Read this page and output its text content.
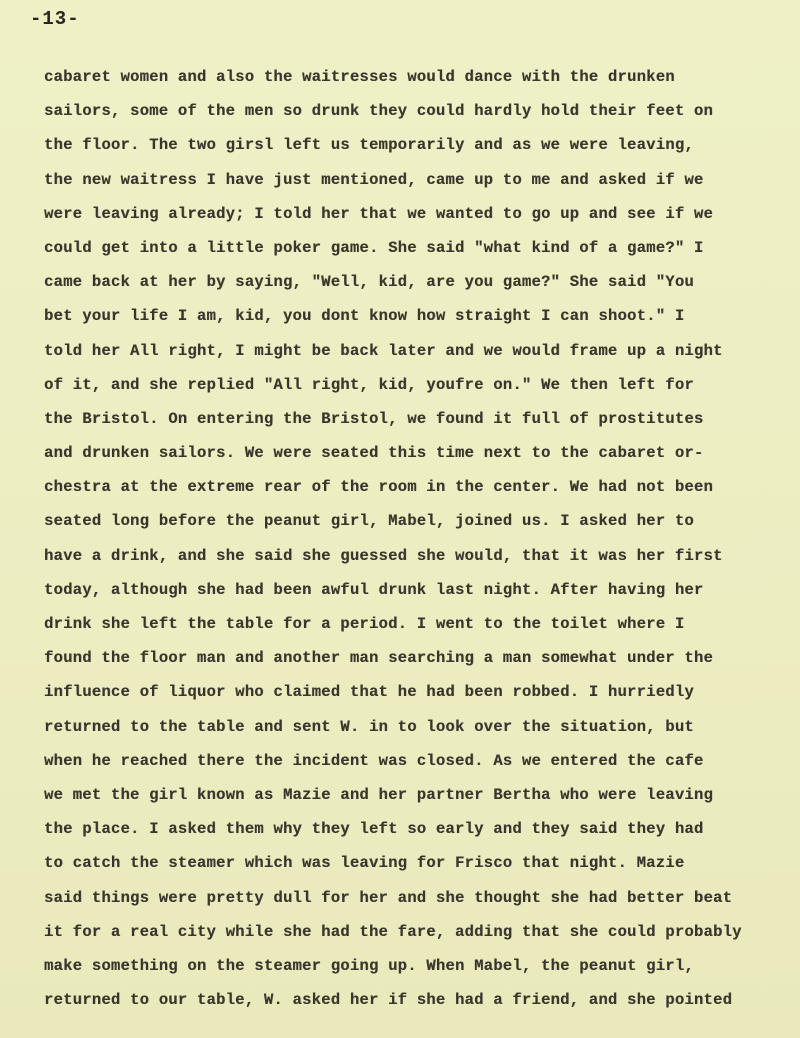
-13-
cabaret women and also the waitresses would dance with the drunken
sailors, some of the men so drunk they could hardly hold their feet on
the floor. The two girsl left us temporarily and as we were leaving,
the new waitress I have just mentioned, came up to me and asked if we
were leaving already; I told her that we wanted to go up and see if we
could get into a little poker game. She said "what kind of a game?" I
came back at her by saying, "Well, kid, are you game?" She said "You
bet your life I am, kid, you dont know how straight I can shoot." I
told her All right, I might be back later and we would frame up a night
of it, and she replied "All right, kid, youfre on." We then left for
the Bristol. On entering the Bristol, we found it full of prostitutes
and drunken sailors. We were seated this time next to the cabaret or-
chestra at the extreme rear of the room in the center. We had not been
seated long before the peanut girl, Mabel, joined us. I asked her to
have a drink, and she said she guessed she would, that it was her first
today, although she had been awful drunk last night. After having her
drink she left the table for a period. I went to the toilet where I
found the floor man and another man searching a man somewhat under the
influence of liquor who claimed that he had been robbed. I hurriedly
returned to the table and sent W. in to look over the situation, but
when he reached there the incident was closed. As we entered the cafe
we met the girl known as Mazie and her partner Bertha who were leaving
the place. I asked them why they left so early and they said they had
to catch the steamer which was leaving for Frisco that night. Mazie
said things were pretty dull for her and she thought she had better beat
it for a real city while she had the fare, adding that she could probably
make something on the steamer going up. When Mabel, the peanut girl,
returned to our table, W. asked her if she had a friend, and she pointed
